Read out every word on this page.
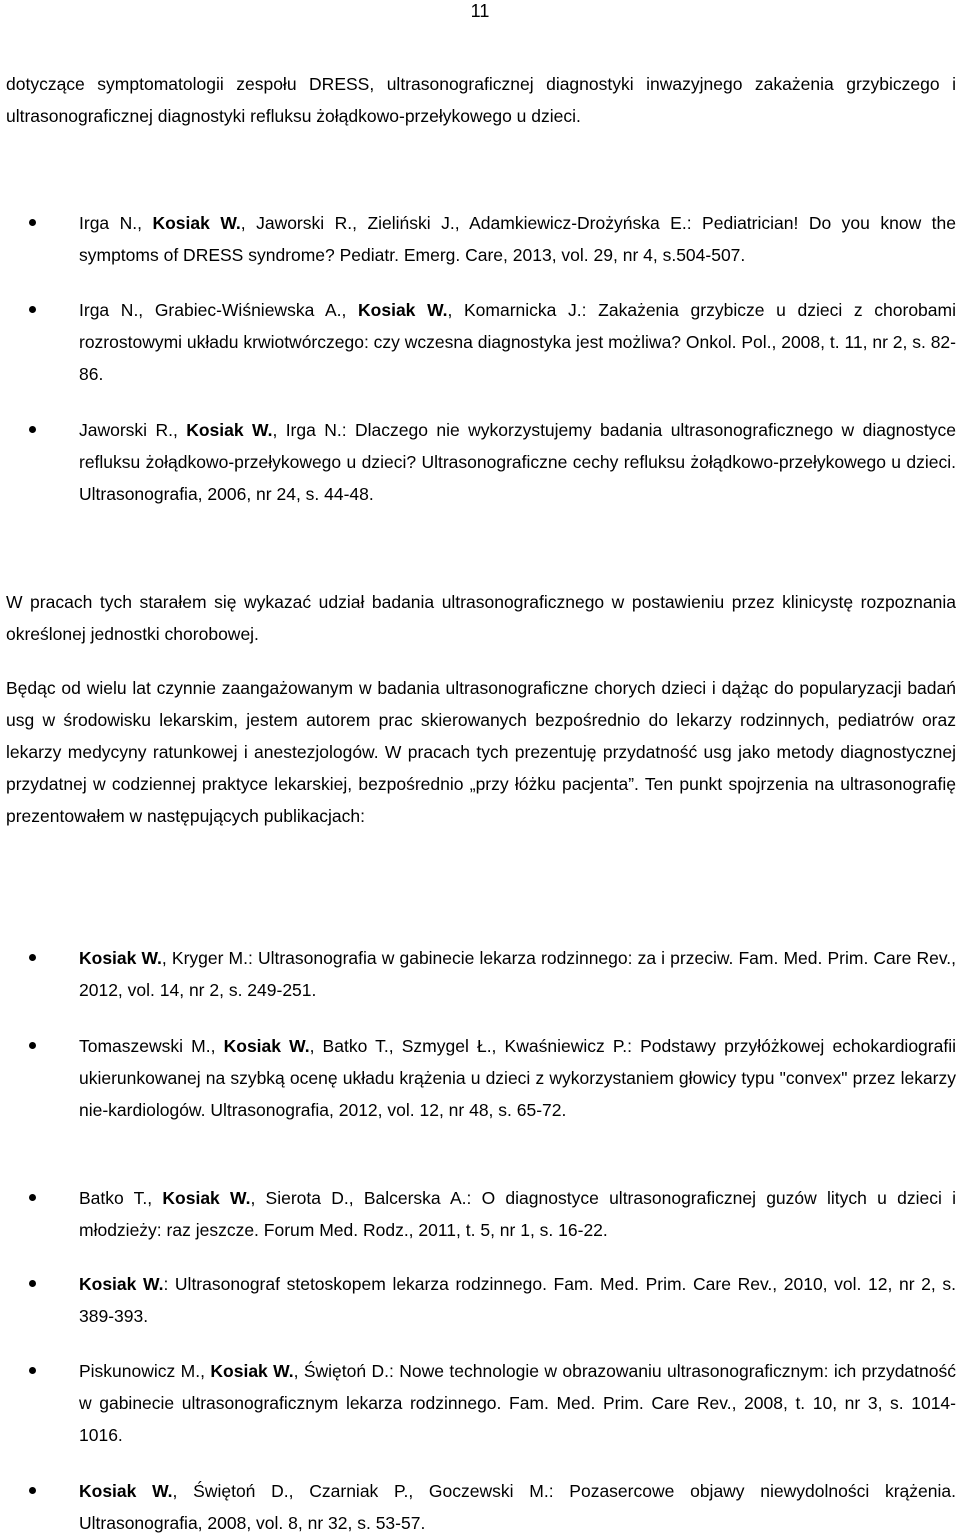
11
dotyczące symptomatologii zespołu DRESS, ultrasonograficznej diagnostyki inwazyjnego zakażenia grzybiczego i ultrasonograficznej diagnostyki refluksu żołądkowo-przełykowego u dzieci.
Irga N., Kosiak W., Jaworski R., Zieliński J., Adamkiewicz-Drożyńska E.: Pediatrician! Do you know the symptoms of DRESS syndrome? Pediatr. Emerg. Care, 2013, vol. 29, nr 4, s.504-507.
Irga N., Grabiec-Wiśniewska A., Kosiak W., Komarnicka J.: Zakażenia grzybicze u dzieci z chorobami rozrostowymi układu krwiotwórczego: czy wczesna diagnostyka jest możliwa? Onkol. Pol., 2008, t. 11, nr 2, s. 82-86.
Jaworski R., Kosiak W., Irga N.: Dlaczego nie wykorzystujemy badania ultrasonograficznego w diagnostyce refluksu żołądkowo-przełykowego u dzieci? Ultrasonograficzne cechy refluksu żołądkowo-przełykowego u dzieci. Ultrasonografia, 2006, nr 24, s. 44-48.
W pracach tych starałem się wykazać udział badania ultrasonograficznego w postawieniu przez klinicystę rozpoznania określonej jednostki chorobowej.
Będąc od wielu lat czynnie zaangażowanym w badania ultrasonograficzne chorych dzieci i dążąc do popularyzacji badań usg w środowisku lekarskim, jestem autorem prac skierowanych bezpośrednio do lekarzy rodzinnych, pediatrów oraz lekarzy medycyny ratunkowej i anestezjologów. W pracach tych prezentuję przydatność usg jako metody diagnostycznej przydatnej w codziennej praktyce lekarskiej, bezpośrednio „przy łóżku pacjenta”. Ten punkt spojrzenia na ultrasonografię prezentowałem w następujących publikacjach:
Kosiak W., Kryger M.: Ultrasonografia w gabinecie lekarza rodzinnego: za i przeciw. Fam. Med. Prim. Care Rev., 2012, vol. 14, nr 2, s. 249-251.
Tomaszewski M., Kosiak W., Batko T., Szmygel Ł., Kwaśniewicz P.: Podstawy przyłóżkowej echokardiografii ukierunkowanej na szybką ocenę układu krążenia u dzieci z wykorzystaniem głowicy typu "convex" przez lekarzy nie-kardiologów. Ultrasonografia, 2012, vol. 12, nr 48, s. 65-72.
Batko T., Kosiak W., Sierota D., Balcerska A.: O diagnostyce ultrasonograficznej guzów litych u dzieci i młodzieży: raz jeszcze. Forum Med. Rodz., 2011, t. 5, nr 1, s. 16-22.
Kosiak W.: Ultrasonograf stetoskopem lekarza rodzinnego. Fam. Med. Prim. Care Rev., 2010, vol. 12, nr 2, s. 389-393.
Piskunowicz M., Kosiak W., Świętoń D.: Nowe technologie w obrazowaniu ultrasonograficznym: ich przydatność w gabinecie ultrasonograficznym lekarza rodzinnego. Fam. Med. Prim. Care Rev., 2008, t. 10, nr 3, s. 1014-1016.
Kosiak W., Świętoń D., Czarniak P., Goczewski M.: Pozasercowe objawy niewydolności krążenia. Ultrasonografia, 2008, vol. 8, nr 32, s. 53-57.
